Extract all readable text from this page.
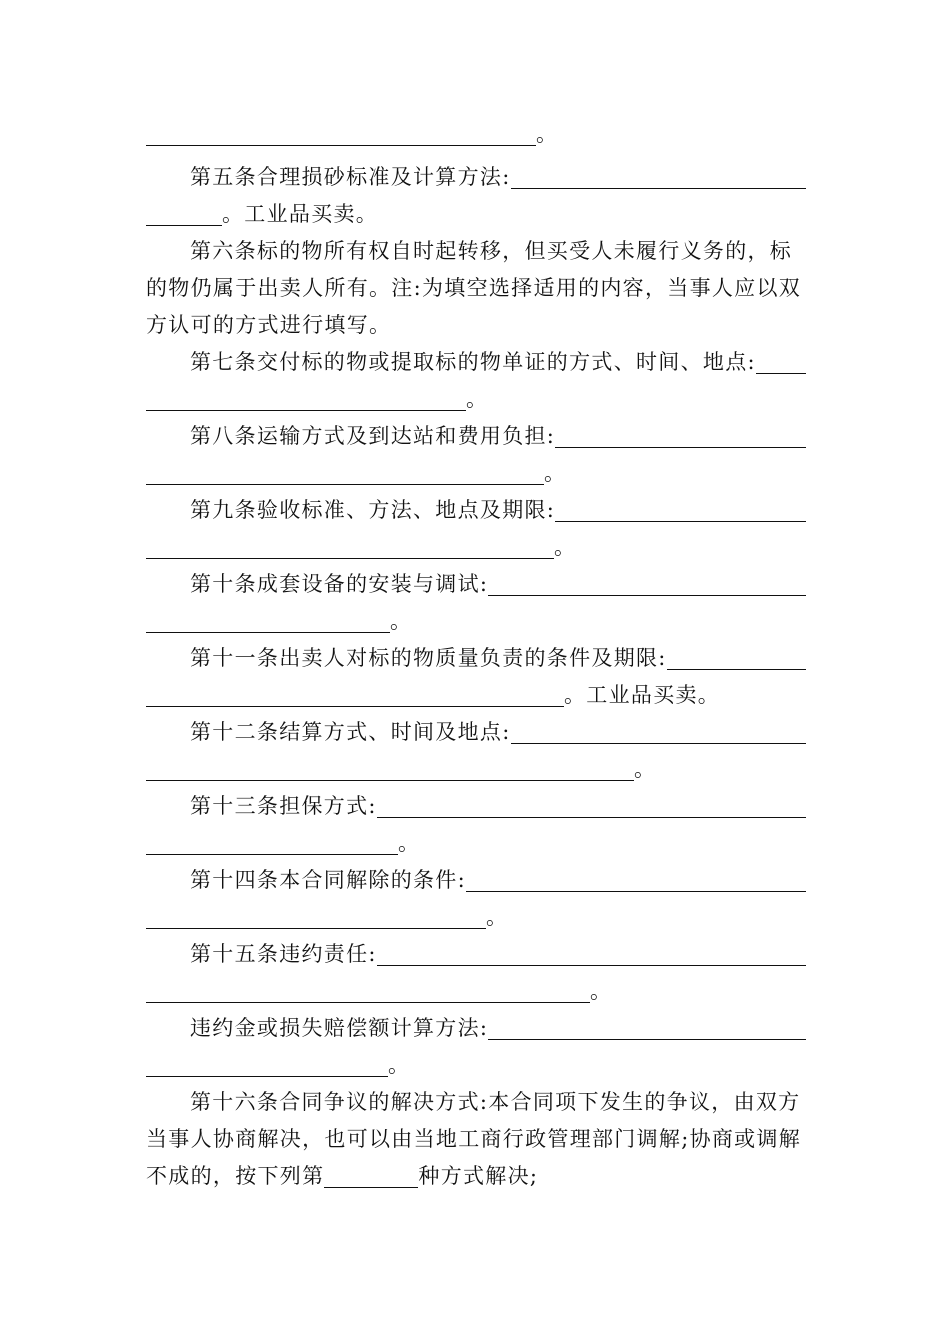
。
第五条合理损砂标准及计算方法:
。工业品买卖。
第六条标的物所有权自时起转移，但买受人未履行义务的，标
的物仍属于出卖人所有。注:为填空选择适用的内容，当事人应以双
方认可的方式进行填写。
第七条交付标的物或提取标的物单证的方式、时间、地点:
。
第八条运输方式及到达站和费用负担:
。
第九条验收标准、方法、地点及期限:
。
第十条成套设备的安装与调试:
。
第十一条出卖人对标的物质量负责的条件及期限:
。工业品买卖。
第十二条结算方式、时间及地点:
。
第十三条担保方式:
。
第十四条本合同解除的条件:
。
第十五条违约责任:
。
违约金或损失赔偿额计算方法:
。
第十六条合同争议的解决方式:本合同项下发生的争议，由双方
当事人协商解决，也可以由当地工商行政管理部门调解;协商或调解
不成的，按下列第	种方式解决;
